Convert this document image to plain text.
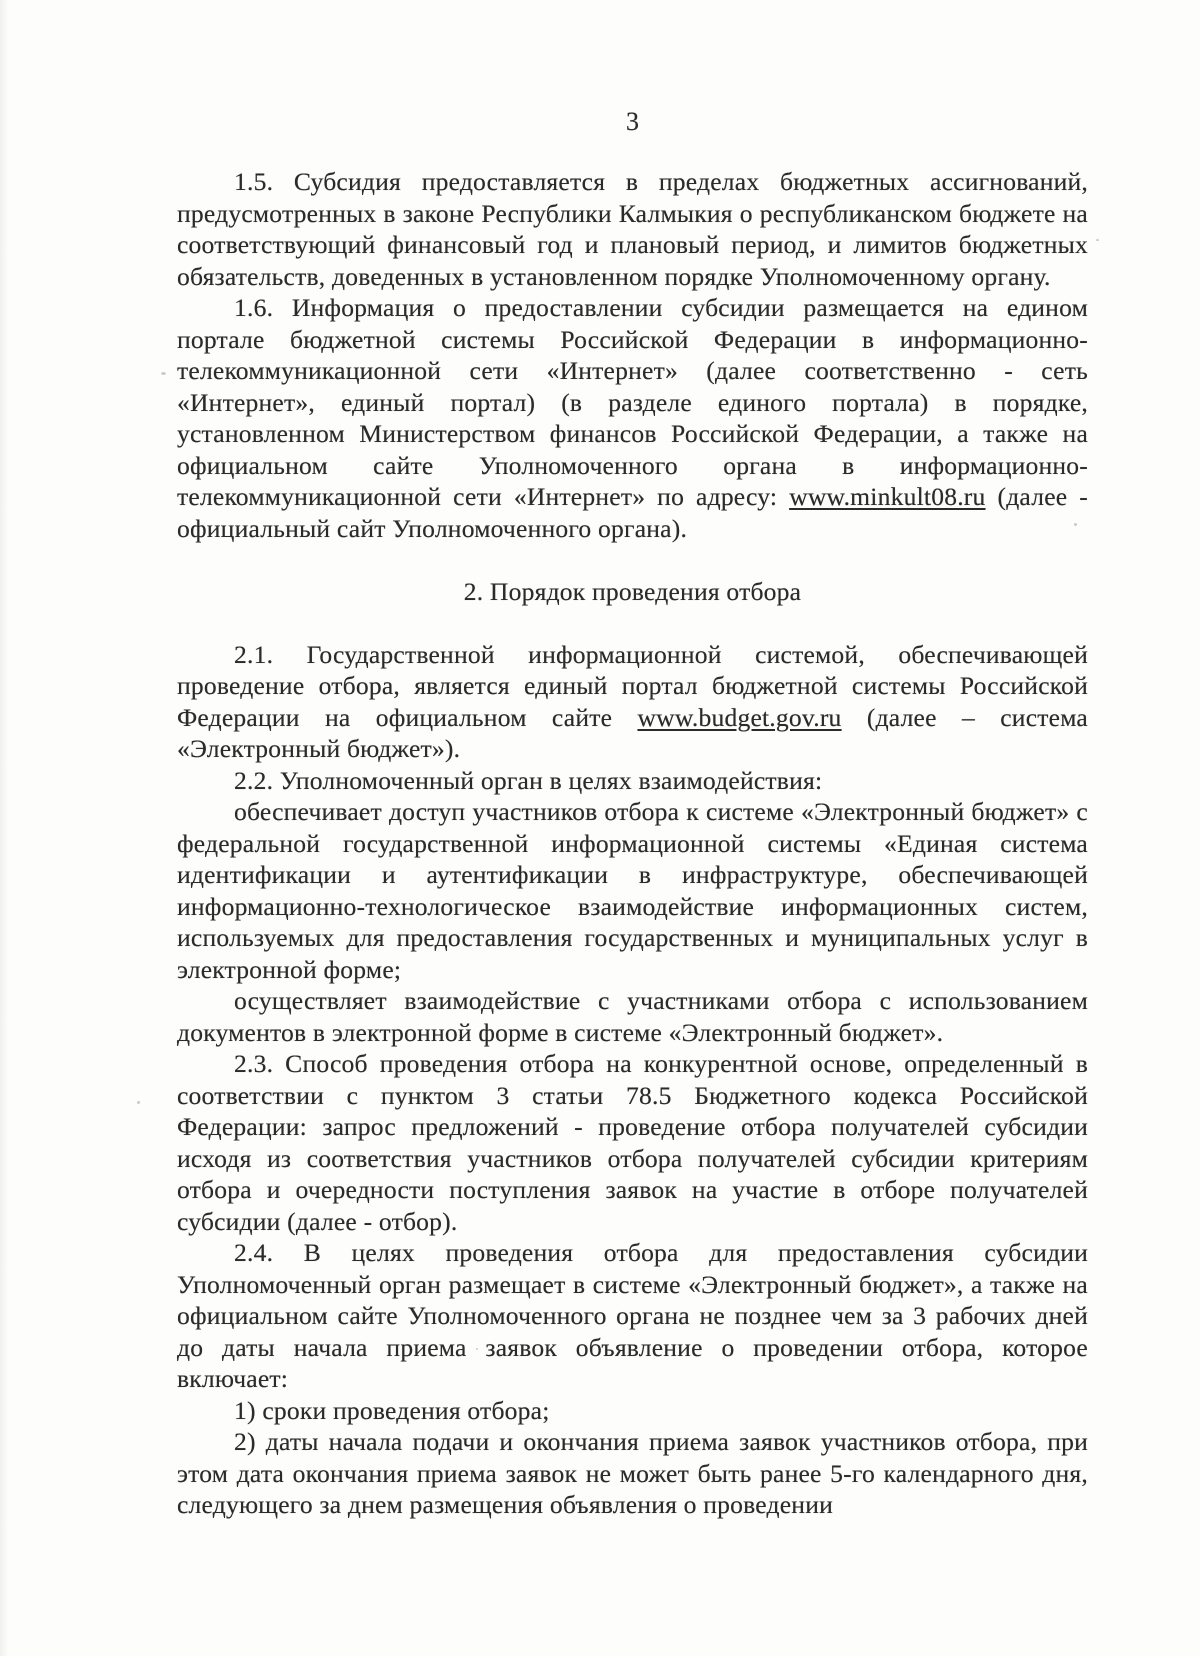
3

1.5. Субсидия предоставляется в пределах бюджетных ассигнований, предусмотренных в законе Республики Калмыкия о республиканском бюджете на соответствующий финансовый год и плановый период, и лимитов бюджетных обязательств, доведенных в установленном порядке Уполномоченному органу.

1.6. Информация о предоставлении субсидии размещается на едином портале бюджетной системы Российской Федерации в информационно-телекоммуникационной сети «Интернет» (далее соответственно - сеть «Интернет», единый портал) (в разделе единого портала) в порядке, установленном Министерством финансов Российской Федерации, а также на официальном сайте Уполномоченного органа в информационно-телекоммуникационной сети «Интернет» по адресу: www.minkult08.ru (далее - официальный сайт Уполномоченного органа).

2. Порядок проведения отбора

2.1. Государственной информационной системой, обеспечивающей проведение отбора, является единый портал бюджетной системы Российской Федерации на официальном сайте www.budget.gov.ru (далее – система «Электронный бюджет»).

2.2. Уполномоченный орган в целях взаимодействия:

обеспечивает доступ участников отбора к системе «Электронный бюджет» с федеральной государственной информационной системы «Единая система идентификации и аутентификации в инфраструктуре, обеспечивающей информационно-технологическое взаимодействие информационных систем, используемых для предоставления государственных и муниципальных услуг в электронной форме;

осуществляет взаимодействие с участниками отбора с использованием документов в электронной форме в системе «Электронный бюджет».

2.3. Способ проведения отбора на конкурентной основе, определенный в соответствии с пунктом 3 статьи 78.5 Бюджетного кодекса Российской Федерации: запрос предложений - проведение отбора получателей субсидии исходя из соответствия участников отбора получателей субсидии критериям отбора и очередности поступления заявок на участие в отборе получателей субсидии (далее - отбор).

2.4. В целях проведения отбора для предоставления субсидии Уполномоченный орган размещает в системе «Электронный бюджет», а также на официальном сайте Уполномоченного органа не позднее чем за 3 рабочих дней до даты начала приема заявок объявление о проведении отбора, которое включает:

1) сроки проведения отбора;

2) даты начала подачи и окончания приема заявок участников отбора, при этом дата окончания приема заявок не может быть ранее 5-го календарного дня, следующего за днем размещения объявления о проведении
